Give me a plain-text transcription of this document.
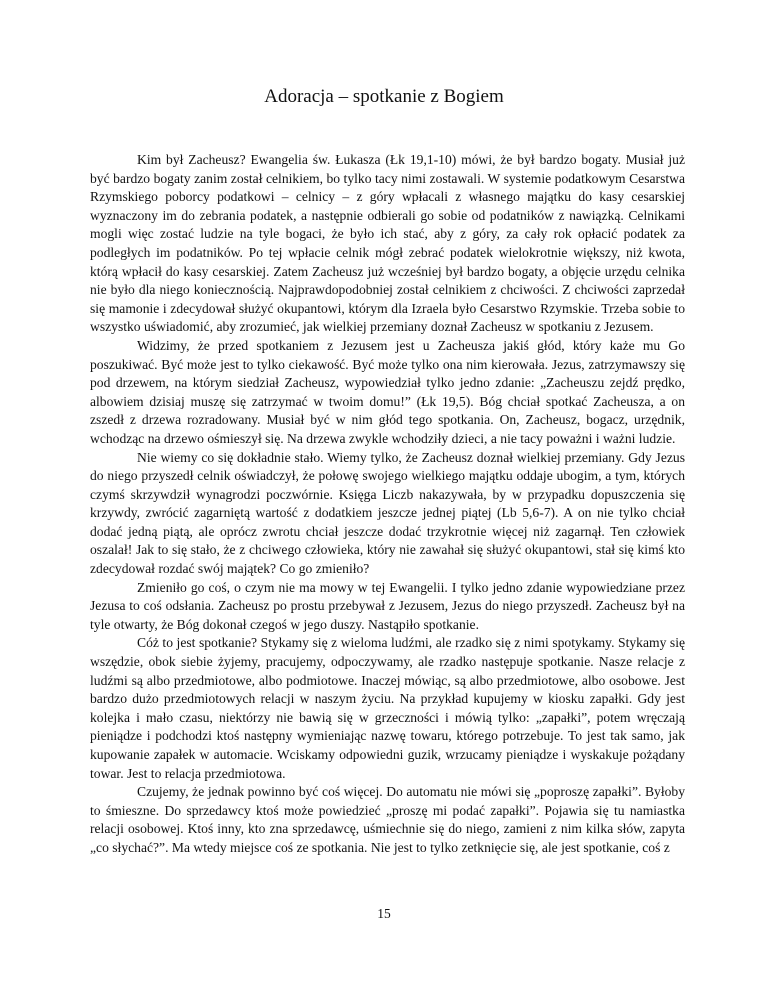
Adoracja – spotkanie z Bogiem

Kim był Zacheusz? Ewangelia św. Łukasza (Łk 19,1-10) mówi, że był bardzo bogaty. Musiał już być bardzo bogaty zanim został celnikiem, bo tylko tacy nimi zostawali. W systemie podatkowym Cesarstwa Rzymskiego poborcy podatkowi – celnicy – z góry wpłacali z własnego majątku do kasy cesarskiej wyznaczony im do zebrania podatek, a następnie odbierali go sobie od podatników z nawiązką. Celnikami mogli więc zostać ludzie na tyle bogaci, że było ich stać, aby z góry, za cały rok opłacić podatek za podległych im podatników. Po tej wpłacie celnik mógł zebrać podatek wielokrotnie większy, niż kwota, którą wpłacił do kasy cesarskiej. Zatem Zacheusz już wcześniej był bardzo bogaty, a objęcie urzędu celnika nie było dla niego koniecznością. Najprawdopodobniej został celnikiem z chciwości. Z chciwości zaprzedał się mamonie i zdecydował służyć okupantowi, którym dla Izraela było Cesarstwo Rzymskie. Trzeba sobie to wszystko uświadomić, aby zrozumieć, jak wielkiej przemiany doznał Zacheusz w spotkaniu z Jezusem.

Widzimy, że przed spotkaniem z Jezusem jest u Zacheusza jakiś głód, który każe mu Go poszukiwać. Być może jest to tylko ciekawość. Być może tylko ona nim kierowała. Jezus, zatrzymawszy się pod drzewem, na którym siedział Zacheusz, wypowiedział tylko jedno zdanie: „Zacheuszu zejdź prędko, albowiem dzisiaj muszę się zatrzymać w twoim domu!” (Łk 19,5). Bóg chciał spotkać Zacheusza, a on zszedł z drzewa rozradowany. Musiał być w nim głód tego spotkania. On, Zacheusz, bogacz, urzędnik, wchodząc na drzewo ośmieszył się. Na drzewa zwykle wchodziły dzieci, a nie tacy poważni i ważni ludzie.

Nie wiemy co się dokładnie stało. Wiemy tylko, że Zacheusz doznał wielkiej przemiany. Gdy Jezus do niego przyszedł celnik oświadczył, że połowę swojego wielkiego majątku oddaje ubogim, a tym, których czymś skrzywdził wynagrodzi poczwórnie. Księga Liczb nakazywała, by w przypadku dopuszczenia się krzywdy, zwrócić zagarniętą wartość z dodatkiem jeszcze jednej piątej (Lb 5,6-7). A on nie tylko chciał dodać jedną piątą, ale oprócz zwrotu chciał jeszcze dodać trzykrotnie więcej niż zagarnął. Ten człowiek oszalał! Jak to się stało, że z chciwego człowieka, który nie zawahał się służyć okupantowi, stał się kimś kto zdecydował rozdać swój majątek? Co go zmieniło?

Zmieniło go coś, o czym nie ma mowy w tej Ewangelii. I tylko jedno zdanie wypowiedziane przez Jezusa to coś odsłania. Zacheusz po prostu przebywał z Jezusem, Jezus do niego przyszedł. Zacheusz był na tyle otwarty, że Bóg dokonał czegoś w jego duszy. Nastąpiło spotkanie.

Cóż to jest spotkanie? Stykamy się z wieloma ludźmi, ale rzadko się z nimi spotykamy. Stykamy się wszędzie, obok siebie żyjemy, pracujemy, odpoczywamy, ale rzadko następuje spotkanie. Nasze relacje z ludźmi są albo przedmiotowe, albo podmiotowe. Inaczej mówiąc, są albo przedmiotowe, albo osobowe. Jest bardzo dużo przedmiotowych relacji w naszym życiu. Na przykład kupujemy w kiosku zapałki. Gdy jest kolejka i mało czasu, niektórzy nie bawią się w grzeczności i mówią tylko: „zapałki”, potem wręczają pieniądze i podchodzi ktoś następny wymieniając nazwę towaru, którego potrzebuje. To jest tak samo, jak kupowanie zapałek w automacie. Wciskamy odpowiedni guzik, wrzucamy pieniądze i wyskakuje pożądany towar. Jest to relacja przedmiotowa.

Czujemy, że jednak powinno być coś więcej. Do automatu nie mówi się „poproszę zapałki”. Byłoby to śmieszne. Do sprzedawcy ktoś może powiedzieć „proszę mi podać zapałki”. Pojawia się tu namiastka relacji osobowej. Ktoś inny, kto zna sprzedawcę, uśmiechnie się do niego, zamieni z nim kilka słów, zapyta „co słychać?”. Ma wtedy miejsce coś ze spotkania. Nie jest to tylko zetknięcie się, ale jest spotkanie, coś z

15
